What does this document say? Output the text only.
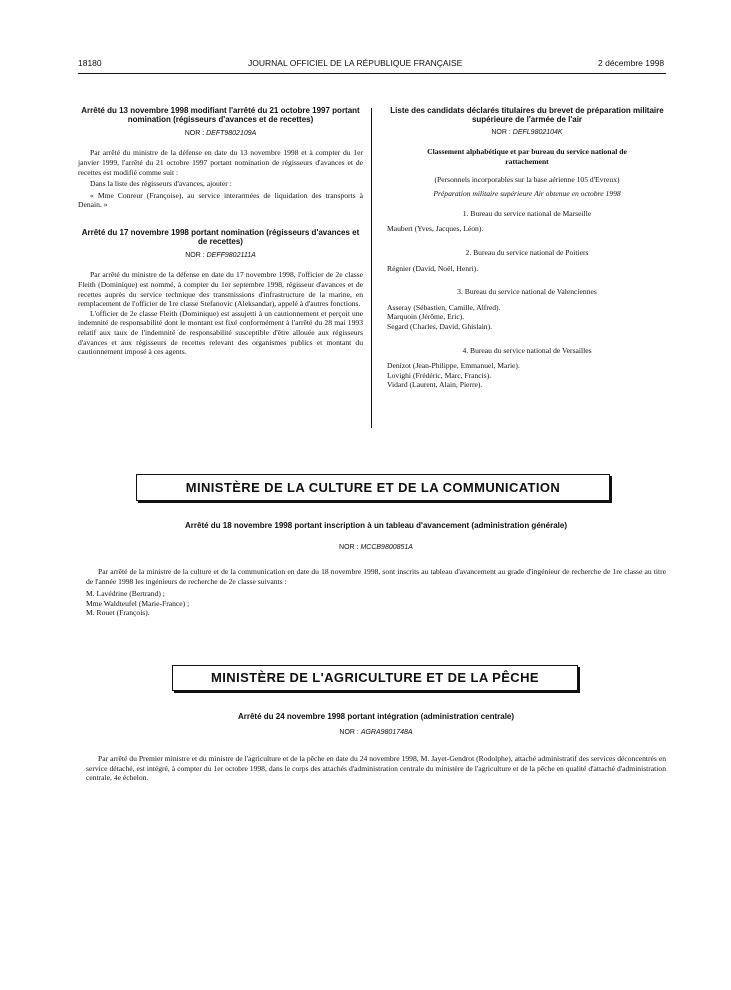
18180	JOURNAL OFFICIEL DE LA RÉPUBLIQUE FRANÇAISE	2 décembre 1998
Arrêté du 13 novembre 1998 modifiant l'arrêté du 21 octobre 1997 portant nomination (régisseurs d'avances et de recettes)
NOR : DEFT9802109A

Par arrêté du ministre de la défense en date du 13 novembre 1998 et à compter du 1er janvier 1999, l'arrêté du 21 octobre 1997 portant nomination de régisseurs d'avances et de recettes est modifié comme suit :

Dans la liste des régisseurs d'avances, ajouter :

« Mme Conreur (Françoise), au service interarmées de liquidation des transports à Denain. »

Arrêté du 17 novembre 1998 portant nomination (régisseurs d'avances et de recettes)
NOR : DEFF9802111A

Par arrêté du ministre de la défense en date du 17 novembre 1998, l'officier de 2e classe Fleith (Dominique) est nommé, à compter du 1er septembre 1998, régisseur d'avances et de recettes auprès du service technique des transmissions d'infrastructure de la marine, en remplacement de l'officier de 1re classe Stefanovic (Aleksandar), appelé à d'autres fonctions.

L'officier de 2e classe Fleith (Dominique) est assujetti à un cautionnement et perçoit une indemnité de responsabilité dont le montant est fixé conformément à l'arrêté du 28 mai 1993 relatif aux taux de l'indemnité de responsabilité susceptible d'être allouée aux régisseurs d'avances et aux régisseurs de recettes relevant des organismes publics et montant du cautionnement imposé à ces agents.

Liste des candidats déclarés titulaires du brevet de préparation militaire supérieure de l'armée de l'air
NOR : DEFL9802104K
Classement alphabétique et par bureau du service national de rattachement
(Personnels incorporables sur la base aérienne 105 d'Evreux)
Préparation militaire supérieure Air obtenue en octobre 1998
1. Bureau du service national de Marseille
Maubert (Yves, Jacques, Léon).
2. Bureau du service national de Poitiers
Régnier (David, Noël, Henri).
3. Bureau du service national de Valenciennes
Asseray (Sébastien, Camille, Alfred).
Marquoin (Jérôme, Eric).
Segard (Charles, David, Ghislain).
4. Bureau du service national de Versailles
Denizot (Jean-Philippe, Emmanuel, Marie).
Lovighi (Frédéric, Marc, Francis).
Vidard (Laurent, Alain, Pierre).
MINISTÈRE DE LA CULTURE ET DE LA COMMUNICATION
Arrêté du 18 novembre 1998 portant inscription à un tableau d'avancement (administration générale)
NOR : MCCB9800851A

Par arrêté de la ministre de la culture et de la communication en date du 18 novembre 1998, sont inscrits au tableau d'avancement au grade d'ingénieur de recherche de 1re classe au titre de l'année 1998 les ingénieurs de recherche de 2e classe suivants :

M. Lavédrine (Bertrand) ;
Mme Waldteufel (Marie-France) ;
M. Rouet (François).
MINISTÈRE DE L'AGRICULTURE ET DE LA PÊCHE
Arrêté du 24 novembre 1998 portant intégration (administration centrale)
NOR : AGRA9801748A

Par arrêté du Premier ministre et du ministre de l'agriculture et de la pêche en date du 24 novembre 1998, M. Jayet-Gendrot (Rodolphe), attaché administratif des services déconcentrés en service détaché, est intégré, à compter du 1er octobre 1998, dans le corps des attachés d'administration centrale du ministère de l'agriculture et de la pêche en qualité d'attaché d'administration centrale, 4e échelon.
